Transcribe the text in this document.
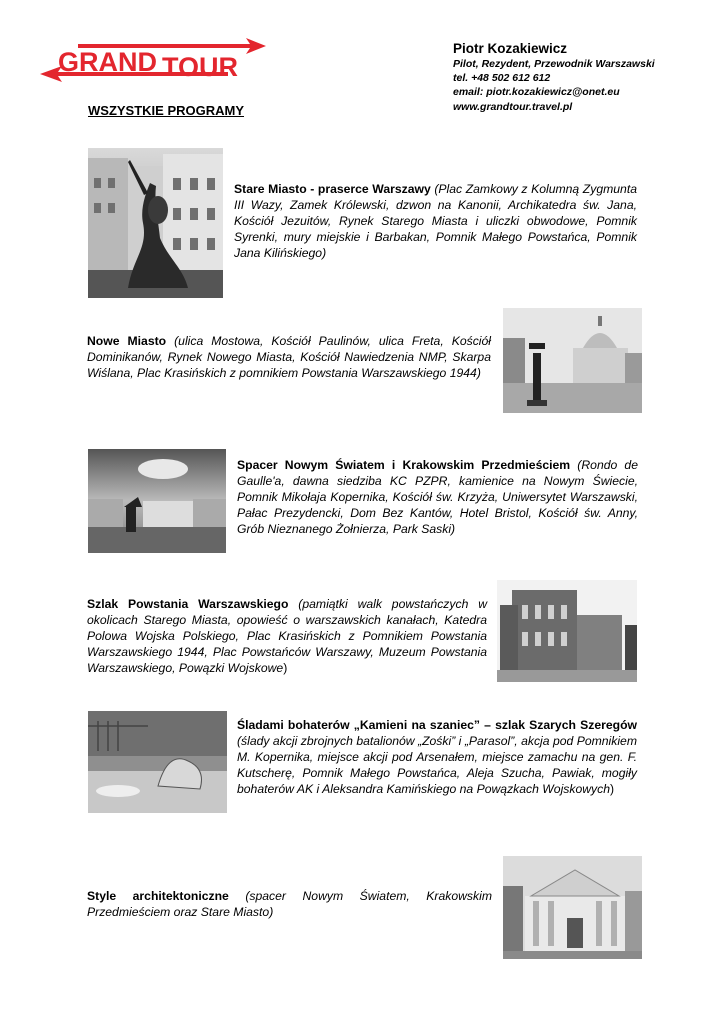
GRAND TOUR
Piotr Kozakiewicz
Pilot, Rezydent, Przewodnik Warszawski
tel. +48 502 612 612
email: piotr.kozakiewicz@onet.eu
www.grandtour.travel.pl
WSZYSTKIE PROGRAMY
Stare Miasto - praserce Warszawy (Plac Zamkowy z Kolumną Zygmunta III Wazy, Zamek Królewski, dzwon na Kanonii, Archikatedra św. Jana, Kościół Jezuitów, Rynek Starego Miasta i uliczki obwodowe, Pomnik Syrenki, mury miejskie i Barbakan, Pomnik Małego Powstańca, Pomnik Jana Kilińskiego)
Nowe Miasto (ulica Mostowa, Kościół Paulinów, ulica Freta, Kościół Dominikanów, Rynek Nowego Miasta, Kościół Nawiedzenia NMP, Skarpa Wiślana, Plac Krasińskich z pomnikiem Powstania Warszawskiego 1944)
Spacer Nowym Światem i Krakowskim Przedmieściem (Rondo de Gaulle'a, dawna siedziba KC PZPR, kamienice na Nowym Świecie, Pomnik Mikołaja Kopernika, Kościół św. Krzyża, Uniwersytet Warszawski, Pałac Prezydencki, Dom Bez Kantów, Hotel Bristol, Kościół św. Anny, Grób Nieznanego Żołnierza, Park Saski)
Szlak Powstania Warszawskiego (pamiątki walk powstańczych w okolicach Starego Miasta, opowieść o warszawskich kanałach, Katedra Polowa Wojska Polskiego, Plac Krasińskich z Pomnikiem Powstania Warszawskiego 1944, Plac Powstańców Warszawy, Muzeum Powstania Warszawskiego, Powązki Wojskowe)
Śladami bohaterów „Kamieni na szaniec” – szlak Szarych Szeregów (ślady akcji zbrojnych batalionów „Zośki” i „Parasol”, akcja pod Pomnikiem M. Kopernika, miejsce akcji pod Arsenałem, miejsce zamachu na gen. F. Kutscherę, Pomnik Małego Powstańca, Aleja Szucha, Pawiak, mogiły bohaterów AK i Aleksandra Kamińskiego na Powązkach Wojskowych)
Style architektoniczne (spacer Nowym Światem, Krakowskim Przedmieściem oraz Stare Miasto)
